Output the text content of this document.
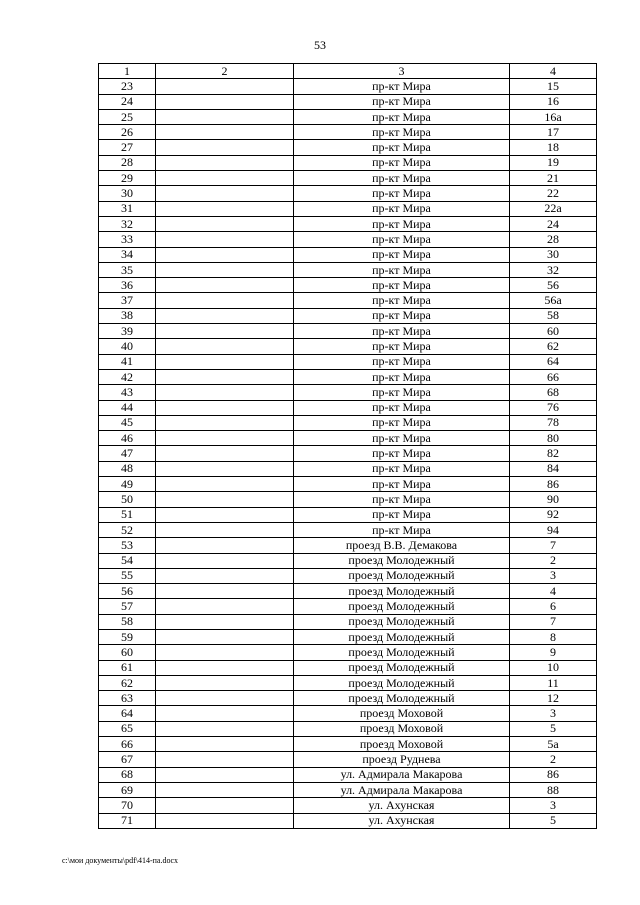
53
1	2	3	4
23		пр-кт Мира	15
24		пр-кт Мира	16
25		пр-кт Мира	16а
26		пр-кт Мира	17
27		пр-кт Мира	18
28		пр-кт Мира	19
29		пр-кт Мира	21
30		пр-кт Мира	22
31		пр-кт Мира	22а
32		пр-кт Мира	24
33		пр-кт Мира	28
34		пр-кт Мира	30
35		пр-кт Мира	32
36		пр-кт Мира	56
37		пр-кт Мира	56а
38		пр-кт Мира	58
39		пр-кт Мира	60
40		пр-кт Мира	62
41		пр-кт Мира	64
42		пр-кт Мира	66
43		пр-кт Мира	68
44		пр-кт Мира	76
45		пр-кт Мира	78
46		пр-кт Мира	80
47		пр-кт Мира	82
48		пр-кт Мира	84
49		пр-кт Мира	86
50		пр-кт Мира	90
51		пр-кт Мира	92
52		пр-кт Мира	94
53		проезд В.В. Демакова	7
54		проезд Молодежный	2
55		проезд Молодежный	3
56		проезд Молодежный	4
57		проезд Молодежный	6
58		проезд Молодежный	7
59		проезд Молодежный	8
60		проезд Молодежный	9
61		проезд Молодежный	10
62		проезд Молодежный	11
63		проезд Молодежный	12
64		проезд Моховой	3
65		проезд Моховой	5
66		проезд Моховой	5а
67		проезд Руднева	2
68		ул. Адмирала Макарова	86
69		ул. Адмирала Макарова	88
70		ул. Ахунская	3
71		ул. Ахунская	5
c:\мои документы\pdf\414-па.docx
